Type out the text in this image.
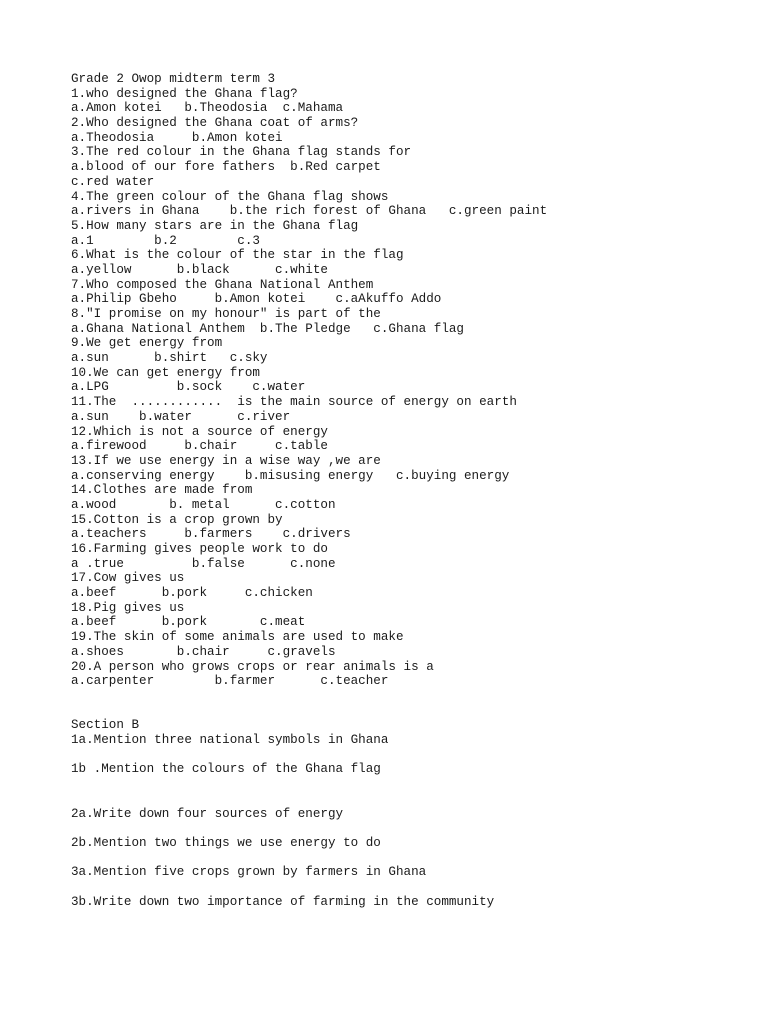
Grade 2 Owop midterm term 3
1.who designed the Ghana flag?
a.Amon kotei   b.Theodosia  c.Mahama
2.Who designed the Ghana coat of arms?
a.Theodosia     b.Amon kotei
3.The red colour in the Ghana flag stands for
a.blood of our fore fathers  b.Red carpet
c.red water
4.The green colour of the Ghana flag shows
a.rivers in Ghana    b.the rich forest of Ghana   c.green paint
5.How many stars are in the Ghana flag
a.1        b.2        c.3
6.What is the colour of the star in the flag
a.yellow      b.black      c.white
7.Who composed the Ghana National Anthem
a.Philip Gbeho     b.Amon kotei    c.aAkuffo Addo
8."I promise on my honour" is part of the
a.Ghana National Anthem  b.The Pledge   c.Ghana flag
9.We get energy from
a.sun      b.shirt   c.sky
10.We can get energy from
a.LPG         b.sock    c.water
11.The  ............  is the main source of energy on earth
a.sun    b.water      c.river
12.Which is not a source of energy
a.firewood     b.chair     c.table
13.If we use energy in a wise way ,we are
a.conserving energy    b.misusing energy   c.buying energy
14.Clothes are made from
a.wood       b. metal      c.cotton
15.Cotton is a crop grown by
a.teachers     b.farmers    c.drivers
16.Farming gives people work to do
a .true         b.false      c.none
17.Cow gives us
a.beef      b.pork     c.chicken
18.Pig gives us
a.beef      b.pork       c.meat
19.The skin of some animals are used to make
a.shoes       b.chair     c.gravels
20.A person who grows crops or rear animals is a
a.carpenter        b.farmer      c.teacher
Section B
1a.Mention three national symbols in Ghana
1b .Mention the colours of the Ghana flag
2a.Write down four sources of energy
2b.Mention two things we use energy to do
3a.Mention five crops grown by farmers in Ghana
3b.Write down two importance of farming in the community
